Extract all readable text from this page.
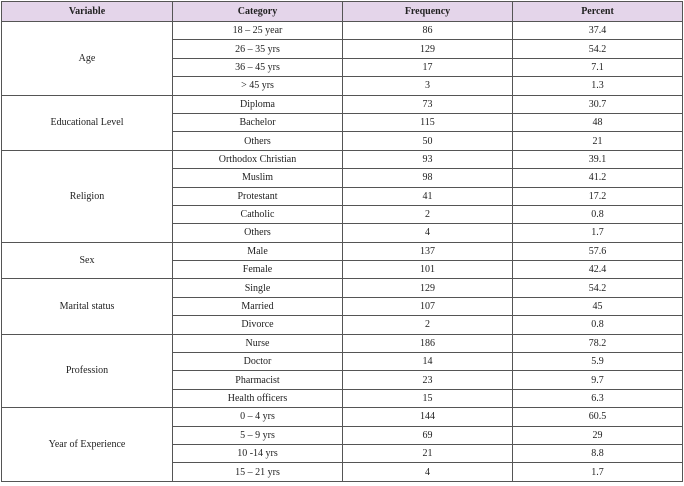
Variable	Category	Frequency	Percent
Age	18 – 25 year	86	37.4
	26 – 35 yrs	129	54.2
	36 – 45 yrs	17	7.1
	> 45 yrs	3	1.3
Educational Level	Diploma	73	30.7
	Bachelor	115	48
	Others	50	21
Religion	Orthodox Christian	93	39.1
	Muslim	98	41.2
	Protestant	41	17.2
	Catholic	2	0.8
	Others	4	1.7
Sex	Male	137	57.6
	Female	101	42.4
Marital status	Single	129	54.2
	Married	107	45
	Divorce	2	0.8
Profession	Nurse	186	78.2
	Doctor	14	5.9
	Pharmacist	23	9.7
	Health officers	15	6.3
Year of Experience	0 – 4 yrs	144	60.5
	5 – 9 yrs	69	29
	10 -14 yrs	21	8.8
	15 – 21 yrs	4	1.7
